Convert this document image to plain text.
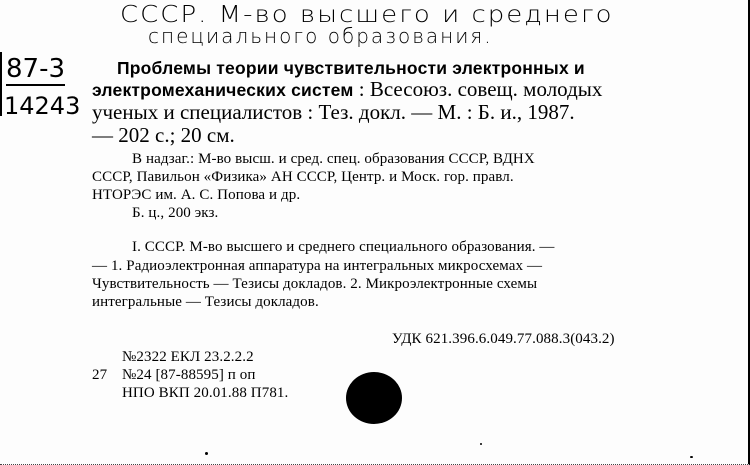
СССР. М-во высшего и среднего
специального образования.
87-3
14243
Проблемы теории чувствительности электронных и
электромеханических систем : Всесоюз. совещ. молодых
ученых и специалистов : Тез. докл. — М. : Б. и., 1987.
— 202 с.; 20 см.
В надзаг.: М-во высш. и сред. спец. образования СССР, ВДНХ
СССР, Павильон «Физика» АН СССР, Центр. и Моск. гор. правл.
НТОРЭС им. А. С. Попова и др.
Б. ц., 200 экз.
I. СССР. М-во высшего и среднего специального образования. —
— 1. Радиоэлектронная аппаратура на интегральных микросхемах —
Чувствительность — Тезисы докладов. 2. Микроэлектронные схемы
интегральные — Тезисы докладов.
УДК 621.396.6.049.77.088.3(043.2)
№2322 ЕКЛ 23.2.2.2
27 №24 [87-88595] п оп
НПО ВКП 20.01.88 П781.
